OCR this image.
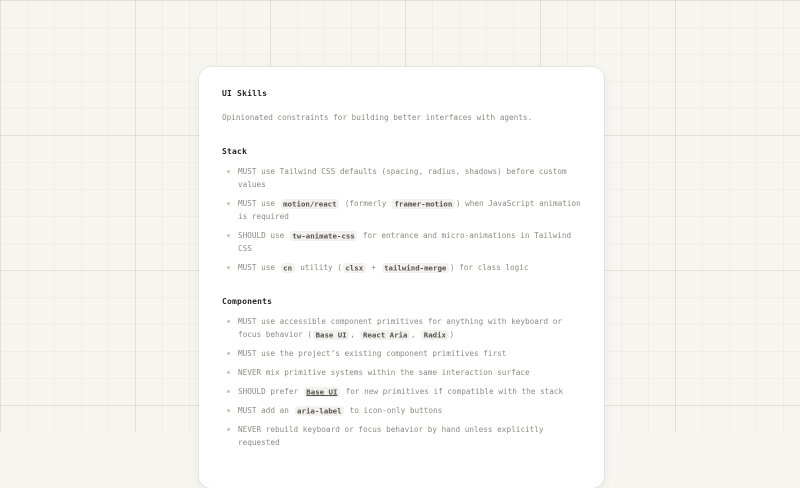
UI Skills

Opinionated constraints for building better interfaces with agents.

Stack
MUST use Tailwind CSS defaults (spacing, radius, shadows) before custom values
MUST use motion/react (formerly framer-motion ) when JavaScript animation is required
SHOULD use tw-animate-css for entrance and micro-animations in Tailwind CSS
MUST use cn utility ( clsx + tailwind-merge ) for class logic
Components
MUST use accessible component primitives for anything with keyboard or focus behavior ( Base UI , React Aria , Radix )
MUST use the project’s existing component primitives first
NEVER mix primitive systems within the same interaction surface
SHOULD prefer Base UI for new primitives if compatible with the stack
MUST add an aria-label to icon-only buttons
NEVER rebuild keyboard or focus behavior by hand unless explicitly requested
